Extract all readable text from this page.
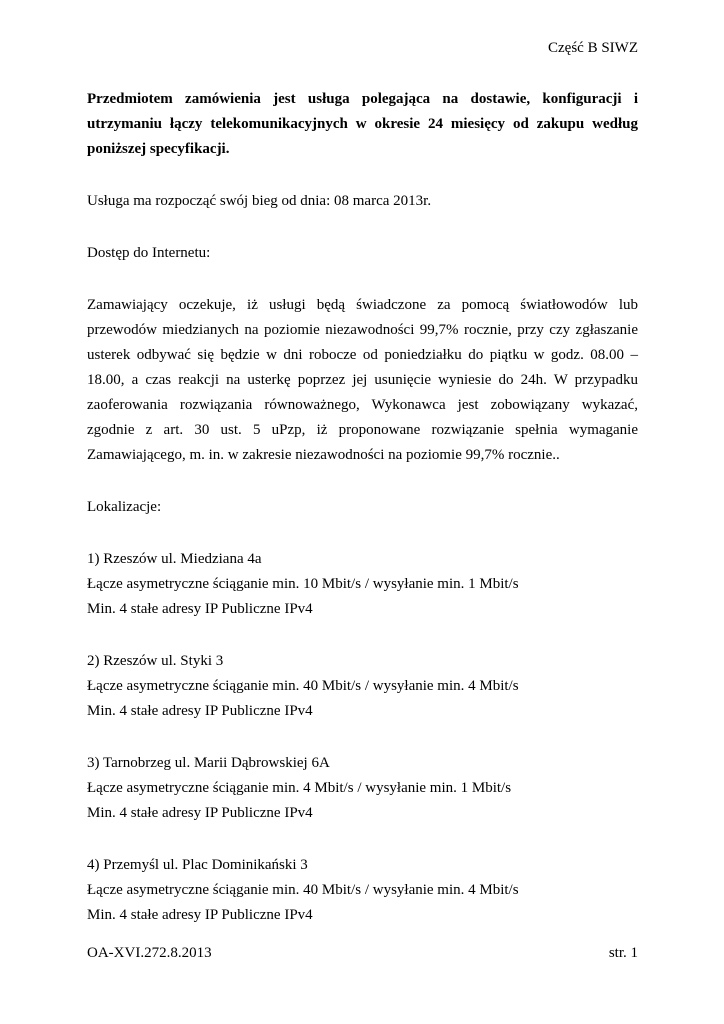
Część B SIWZ

Przedmiotem zamówienia jest usługa polegająca na dostawie, konfiguracji i utrzymaniu łączy telekomunikacyjnych w okresie 24 miesięcy od zakupu według poniższej specyfikacji.

Usługa ma rozpocząć swój bieg od dnia: 08 marca 2013r.

Dostęp do Internetu:

Zamawiający oczekuje, iż usługi będą świadczone za pomocą światłowodów lub przewodów miedzianych na poziomie niezawodności 99,7% rocznie, przy czy zgłaszanie usterek odbywać się będzie w dni robocze od poniedziałku do piątku w godz. 08.00 – 18.00, a czas reakcji na usterkę poprzez jej usunięcie wyniesie do 24h. W przypadku zaoferowania rozwiązania równoważnego, Wykonawca jest zobowiązany wykazać, zgodnie z art. 30 ust. 5 uPzp, iż proponowane rozwiązanie spełnia wymaganie Zamawiającego, m. in. w zakresie niezawodności na poziomie 99,7% rocznie..

Lokalizacje:

1) Rzeszów ul. Miedziana 4a

Łącze asymetryczne ściąganie min. 10 Mbit/s / wysyłanie min. 1 Mbit/s

Min. 4 stałe adresy IP Publiczne IPv4

2) Rzeszów ul. Styki 3

Łącze asymetryczne ściąganie min. 40 Mbit/s / wysyłanie min. 4 Mbit/s

Min. 4 stałe adresy IP Publiczne IPv4

3) Tarnobrzeg ul. Marii Dąbrowskiej 6A

Łącze asymetryczne ściąganie min. 4 Mbit/s / wysyłanie min. 1 Mbit/s

Min. 4 stałe adresy IP Publiczne IPv4

4) Przemyśl ul. Plac Dominikański 3

Łącze asymetryczne ściąganie min. 40 Mbit/s / wysyłanie min. 4 Mbit/s

Min. 4 stałe adresy IP Publiczne IPv4

OA-XVI.272.8.2013	str. 1
